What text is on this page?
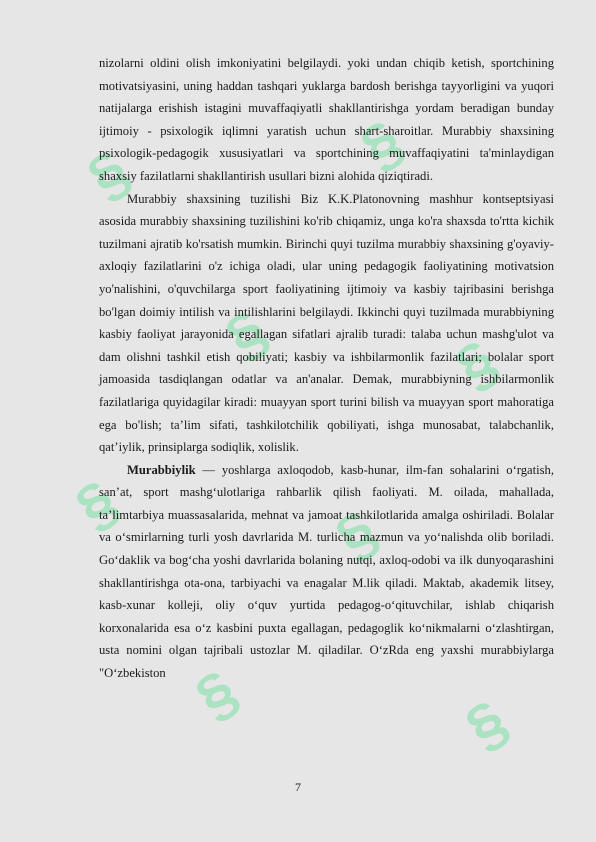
§	§
§	§
§	§
§	§

nizolarni oldini olish imkoniyatini belgilaydi. yoki undan chiqib ketish, sportchining motivatsiyasini, uning haddan tashqari yuklarga bardosh berishga tayyorligini va yuqori natijalarga erishish istagini muvaffaqiyatli shakllantirishga yordam beradigan bunday ijtimoiy - psixologik iqlimni yaratish uchun shart-sharoitlar. Murabbiy shaxsining psixologik-pedagogik xususiyatlari va sportchining muvaffaqiyatini ta'minlaydigan shaxsiy fazilatlarni shakllantirish usullari bizni alohida qiziqtiradi.

Murabbiy shaxsining tuzilishi Biz K.K.Platonovning mashhur kontseptsiyasi asosida murabbiy shaxsining tuzilishini ko'rib chiqamiz, unga ko'ra shaxsda to'rtta kichik tuzilmani ajratib ko'rsatish mumkin. Birinchi quyi tuzilma murabbiy shaxsining g'oyaviy-axloqiy fazilatlarini o'z ichiga oladi, ular uning pedagogik faoliyatining motivatsion yo'nalishini, o'quvchilarga sport faoliyatining ijtimoiy va kasbiy tajribasini berishga bo'lgan doimiy intilish va intilishlarini belgilaydi. Ikkinchi quyi tuzilmada murabbiyning kasbiy faoliyat jarayonida egallagan sifatlari ajralib turadi: talaba uchun mashg'ulot va dam olishni tashkil etish qobiliyati; kasbiy va ishbilarmonlik fazilatlari; bolalar sport jamoasida tasdiqlangan odatlar va an'analar. Demak, murabbiyning ishbilarmonlik fazilatlariga quyidagilar kiradi: muayyan sport turini bilish va muayyan sport mahoratiga ega bo'lish; ta’lim sifati, tashkilotchilik qobiliyati, ishga munosabat, talabchanlik, qat’iylik, prinsiplarga sodiqlik, xolislik.

Murabbiylik — yoshlarga axloqodob, kasb-hunar, ilm-fan sohalarini o‘rgatish, san’at, sport mashg‘ulotlariga rahbarlik qilish faoliyati. M. oilada, mahallada, ta’limtarbiya muassasalarida, mehnat va jamoat tashkilotlarida amalga oshiriladi. Bolalar va o‘smirlarning turli yosh davrlarida M. turlicha mazmun va yo‘nalishda olib boriladi. Go‘daklik va bog‘cha yoshi davrlarida bolaning nutqi, axloq-odobi va ilk dunyoqarashini shakllantirishga ota-ona, tarbiyachi va enagalar M.lik qiladi. Maktab, akademik litsey, kasb-xunar kolleji, oliy o‘quv yurtida pedagog-o‘qituvchilar, ishlab chiqarish korxonalarida esa o‘z kasbini puxta egallagan, pedagoglik ko‘nikmalarni o‘zlashtirgan, usta nomini olgan tajribali ustozlar M. qiladilar. O‘zRda eng yaxshi murabbiylarga "O‘zbekiston

7
